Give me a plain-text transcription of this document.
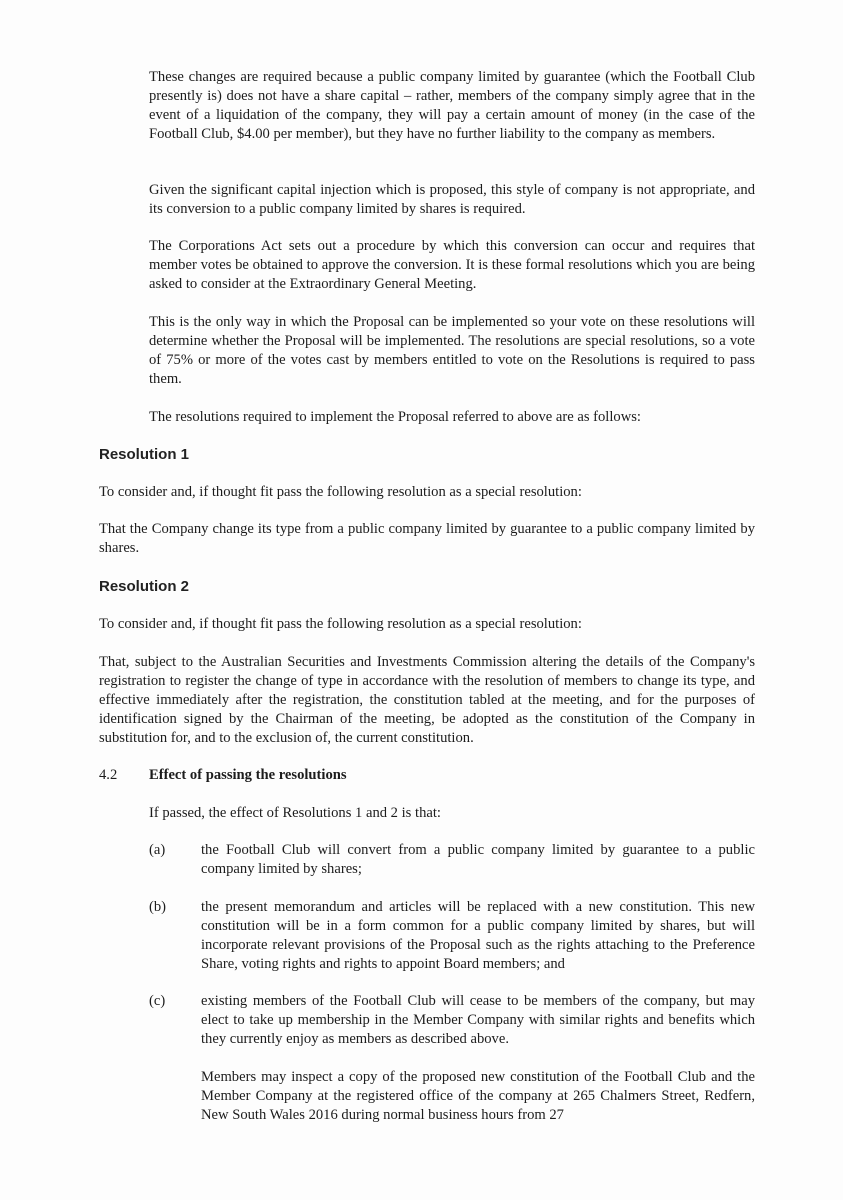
These changes are required because a public company limited by guarantee (which the Football Club presently is) does not have a share capital – rather, members of the company simply agree that in the event of a liquidation of the company, they will pay a certain amount of money (in the case of the Football Club, $4.00 per member), but they have no further liability to the company as members.

Given the significant capital injection which is proposed, this style of company is not appropriate, and its conversion to a public company limited by shares is required.

The Corporations Act sets out a procedure by which this conversion can occur and requires that member votes be obtained to approve the conversion. It is these formal resolutions which you are being asked to consider at the Extraordinary General Meeting.

This is the only way in which the Proposal can be implemented so your vote on these resolutions will determine whether the Proposal will be implemented. The resolutions are special resolutions, so a vote of 75% or more of the votes cast by members entitled to vote on the Resolutions is required to pass them.

The resolutions required to implement the Proposal referred to above are as follows:

Resolution 1

To consider and, if thought fit pass the following resolution as a special resolution:

That the Company change its type from a public company limited by guarantee to a public company limited by shares.

Resolution 2

To consider and, if thought fit pass the following resolution as a special resolution:

That, subject to the Australian Securities and Investments Commission altering the details of the Company's registration to register the change of type in accordance with the resolution of members to change its type, and effective immediately after the registration, the constitution tabled at the meeting, and for the purposes of identification signed by the Chairman of the meeting, be adopted as the constitution of the Company in substitution for, and to the exclusion of, the current constitution.

4.2 Effect of passing the resolutions

If passed, the effect of Resolutions 1 and 2 is that:

(a) the Football Club will convert from a public company limited by guarantee to a public company limited by shares;

(b) the present memorandum and articles will be replaced with a new constitution. This new constitution will be in a form common for a public company limited by shares, but will incorporate relevant provisions of the Proposal such as the rights attaching to the Preference Share, voting rights and rights to appoint Board members; and

(c) existing members of the Football Club will cease to be members of the company, but may elect to take up membership in the Member Company with similar rights and benefits which they currently enjoy as members as described above.

Members may inspect a copy of the proposed new constitution of the Football Club and the Member Company at the registered office of the company at 265 Chalmers Street, Redfern, New South Wales 2016 during normal business hours from 27
